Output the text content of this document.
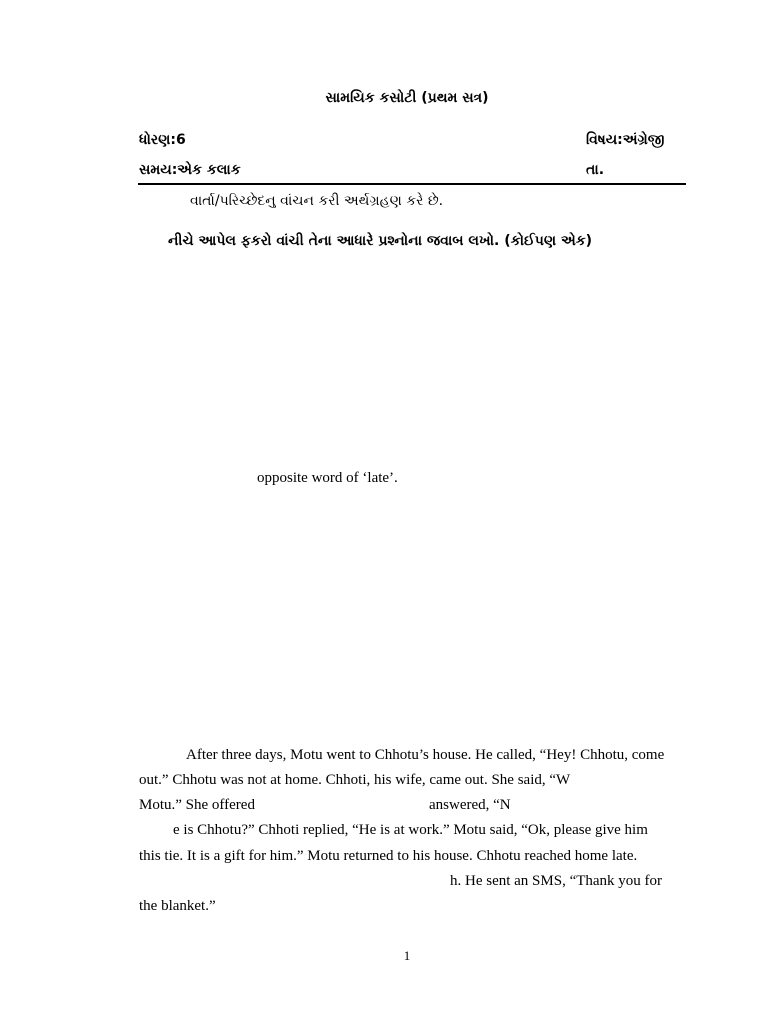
સામયિક કસોટી (પ્રથમ સત્ર)
ધોરણ:6	વિષય:અંગ્રેજી
સમય:એક કલાક	તા.
વાર્તા/પરિચ્છેદનુ વાંચન કરી અર્થગ્રહણ કરે છે.
નીચે આપેલ ફકરો વાંચી તેના આધારે પ્રશ્નોના જવાબ લખો. (કોઈપણ એક)
opposite word of ‘late’.
After three days, Motu went to Chhotu’s house. He called, “Hey! Chhotu, come
out.” Chhotu was not at home. Chhoti, his wife, came out. She said, “W
Motu.” She offered	answered, “N
e is Chhotu?” Chhoti replied, “He is at work.” Motu said, “Ok, please give him
this tie. It is a gift for him.” Motu returned to his house. Chhotu reached home late.
h. He sent an SMS, “Thank you for
the blanket.”
1
